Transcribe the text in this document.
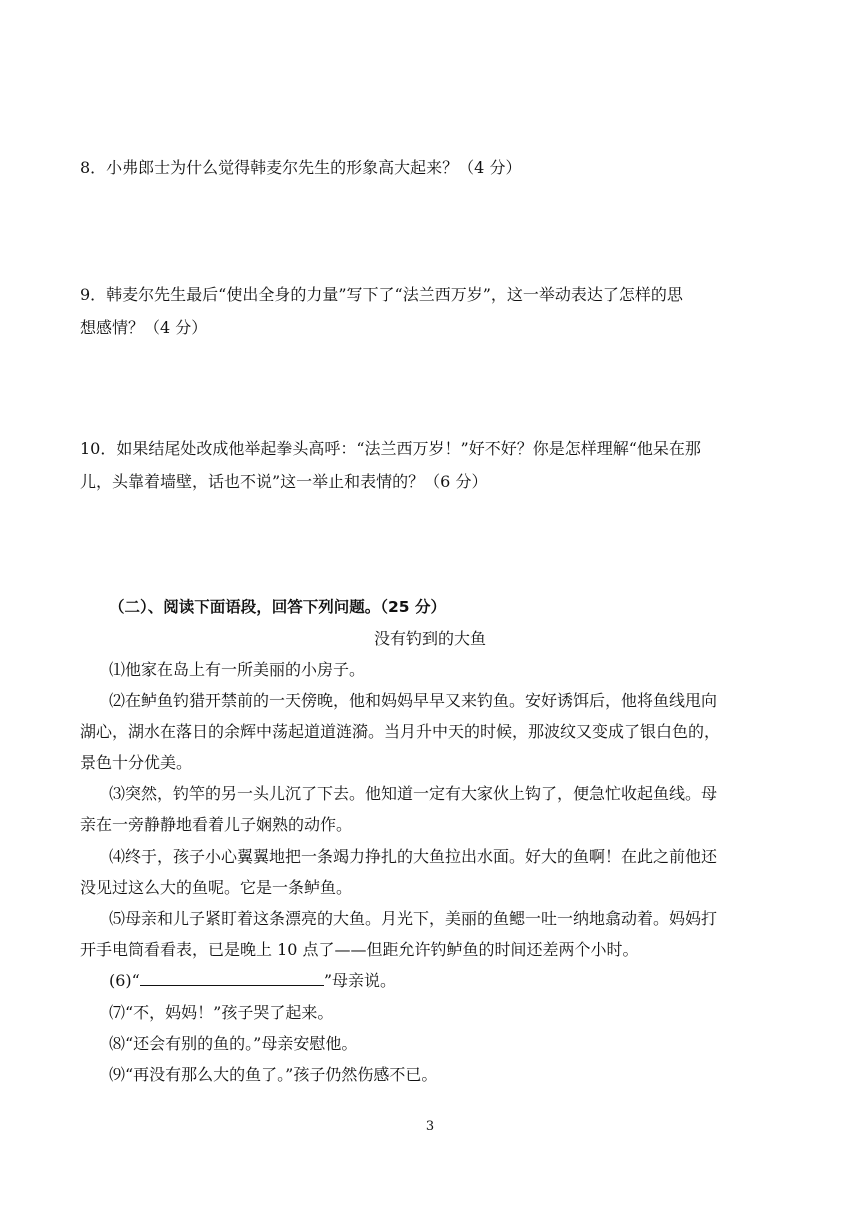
8．小弗郎士为什么觉得韩麦尔先生的形象高大起来？（4 分）
9．韩麦尔先生最后“使出全身的力量”写下了“法兰西万岁”，这一举动表达了怎样的思
想感情？（4 分）
10．如果结尾处改成他举起拳头高呼：“法兰西万岁！”好不好？你是怎样理解“他呆在那
儿，头靠着墙壁，话也不说”这一举止和表情的？（6 分）
（二）、阅读下面语段，回答下列问题。（25 分）
没有钓到的大鱼
⑴他家在岛上有一所美丽的小房子。
⑵在鲈鱼钓猎开禁前的一天傍晚，他和妈妈早早又来钓鱼。安好诱饵后，他将鱼线甩向
湖心，湖水在落日的余辉中荡起道道涟漪。当月升中天的时候，那波纹又变成了银白色的，
景色十分优美。
⑶突然，钓竿的另一头儿沉了下去。他知道一定有大家伙上钩了，便急忙收起鱼线。母
亲在一旁静静地看着儿子娴熟的动作。
⑷终于，孩子小心翼翼地把一条竭力挣扎的大鱼拉出水面。好大的鱼啊！在此之前他还
没见过这么大的鱼呢。它是一条鲈鱼。
⑸母亲和儿子紧盯着这条漂亮的大鱼。月光下，美丽的鱼鳃一吐一纳地翕动着。妈妈打
开手电筒看看表，已是晚上 10 点了——但距允许钓鲈鱼的时间还差两个小时。
(6)“	”母亲说。
⑺“不，妈妈！”孩子哭了起来。
⑻“还会有别的鱼的。”母亲安慰他。
⑼“再没有那么大的鱼了。”孩子仍然伤感不已。
3
